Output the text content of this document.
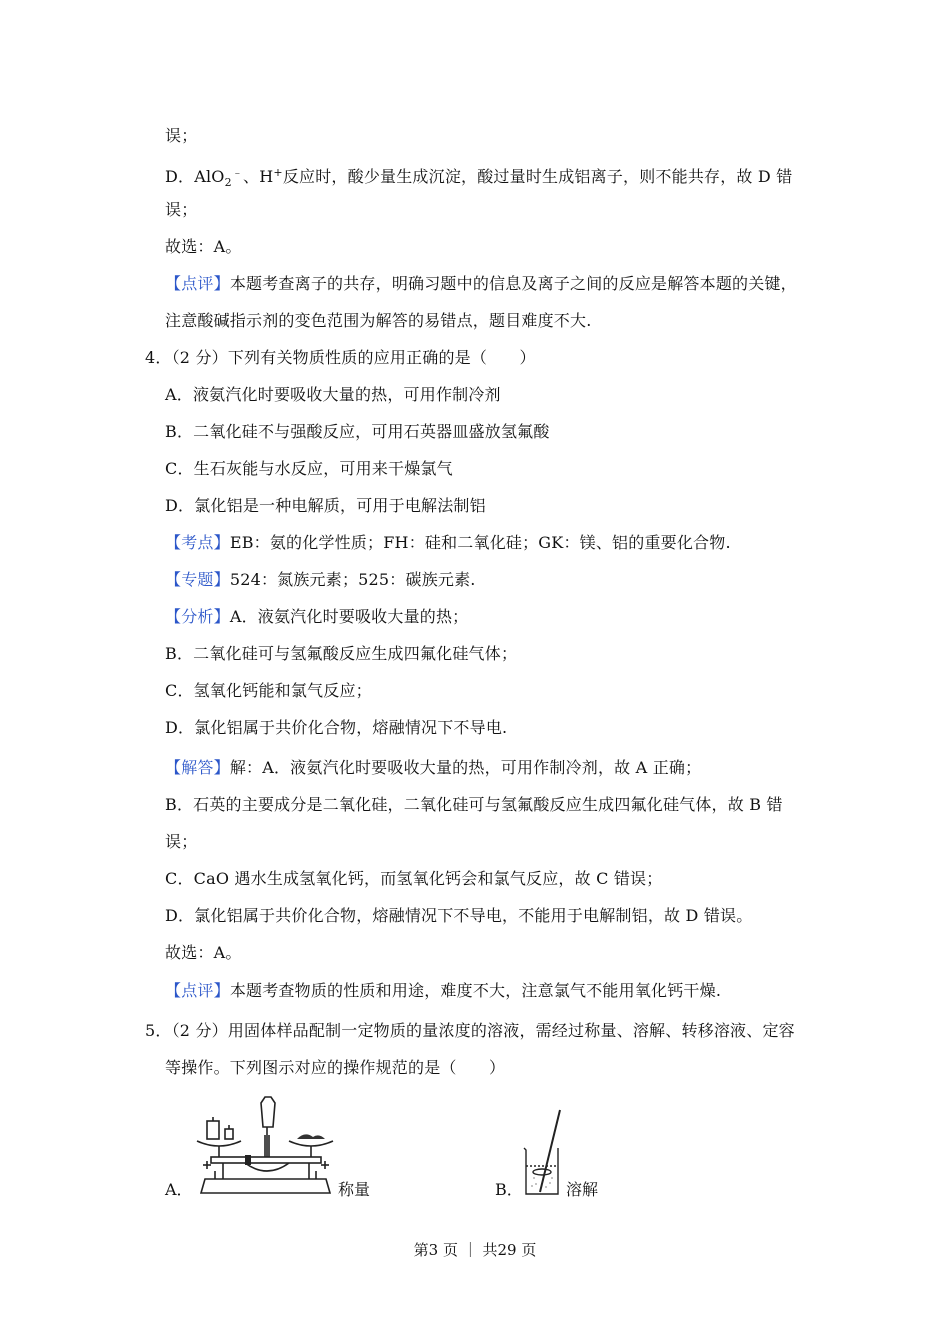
误；
D．AlO$_2$﹣、H+反应时，酸少量生成沉淀，酸过量时生成铝离子，则不能共存，故 D 错
误；
故选：A。
【点评】本题考查离子的共存，明确习题中的信息及离子之间的反应是解答本题的关键，
注意酸碱指示剂的变色范围为解答的易错点，题目难度不大.
4．（2 分）下列有关物质性质的应用正确的是（　　）
A．液氨汽化时要吸收大量的热，可用作制冷剂
B．二氧化硅不与强酸反应，可用石英器皿盛放氢氟酸
C．生石灰能与水反应，可用来干燥氯气
D．氯化铝是一种电解质，可用于电解法制铝
【考点】EB：氨的化学性质；FH：硅和二氧化硅；GK：镁、铝的重要化合物.
【专题】524：氮族元素；525：碳族元素.
【分析】A．液氨汽化时要吸收大量的热；
B．二氧化硅可与氢氟酸反应生成四氟化硅气体；
C．氢氧化钙能和氯气反应；
D．氯化铝属于共价化合物，熔融情况下不导电.
【解答】解：A．液氨汽化时要吸收大量的热，可用作制冷剂，故 A 正确；
B．石英的主要成分是二氧化硅，二氧化硅可与氢氟酸反应生成四氟化硅气体，故 B 错
误；
C．CaO 遇水生成氢氧化钙，而氢氧化钙会和氯气反应，故 C 错误；
D．氯化铝属于共价化合物，熔融情况下不导电，不能用于电解制铝，故 D 错误。
故选：A。
【点评】本题考查物质的性质和用途，难度不大，注意氯气不能用氧化钙干燥.
5．（2 分）用固体样品配制一定物质的量浓度的溶液，需经过称量、溶解、转移溶液、定容
等操作。下列图示对应的操作规范的是（　　）
A．	称量	B．	溶解
第3 页 ｜ 共29 页
